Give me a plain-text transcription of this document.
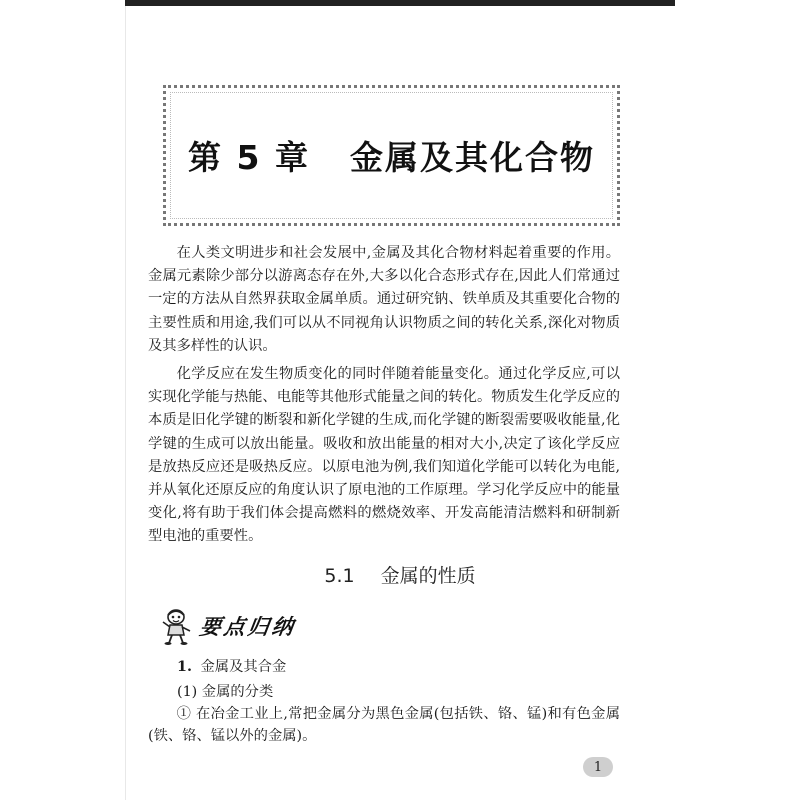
第 5 章 金属及其化合物

在人类文明进步和社会发展中,金属及其化合物材料起着重要的作用。金属元素除少部分以游离态存在外,大多以化合态形式存在,因此人们常通过一定的方法从自然界获取金属单质。通过研究钠、铁单质及其重要化合物的主要性质和用途,我们可以从不同视角认识物质之间的转化关系,深化对物质及其多样性的认识。

化学反应在发生物质变化的同时伴随着能量变化。通过化学反应,可以实现化学能与热能、电能等其他形式能量之间的转化。物质发生化学反应的本质是旧化学键的断裂和新化学键的生成,而化学键的断裂需要吸收能量,化学键的生成可以放出能量。吸收和放出能量的相对大小,决定了该化学反应是放热反应还是吸热反应。以原电池为例,我们知道化学能可以转化为电能,并从氧化还原反应的角度认识了原电池的工作原理。学习化学反应中的能量变化,将有助于我们体会提高燃料的燃烧效率、开发高能清洁燃料和研制新型电池的重要性。

5.1 金属的性质
要点归纳
1. 金属及其合金
(1) 金属的分类
① 在冶金工业上,常把金属分为黑色金属(包括铁、铬、锰)和有色金属(铁、铬、锰以外的金属)。
1
